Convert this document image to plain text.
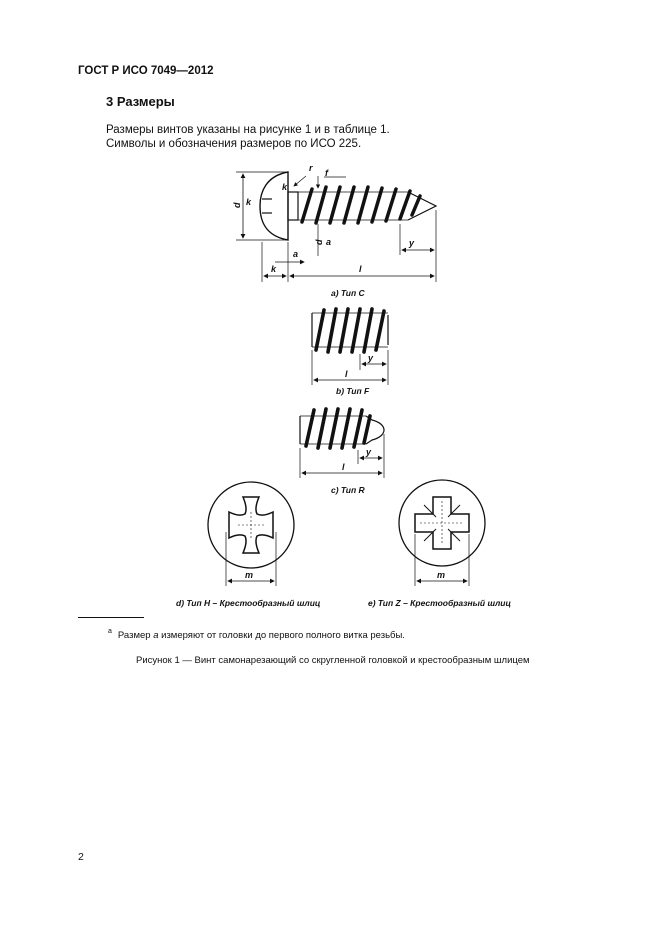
ГОСТ Р ИСО 7049—2012
3 Размеры
Размеры винтов указаны на рисунке 1 и в таблице 1.
Символы и обозначения размеров по ИСО 225.
r f
k
d k
a
d a
k	l
y
a) Тип C
y
l
b) Тип F
y
l
c) Тип R
m
d) Тип H – Крестообразный шлиц
m
e) Тип Z – Крестообразный шлиц
$^a$ Размер a измеряют от головки до первого полного витка резьбы.
Рисунок 1 — Винт самонарезающий со скругленной головкой и крестообразным шлицем
2
